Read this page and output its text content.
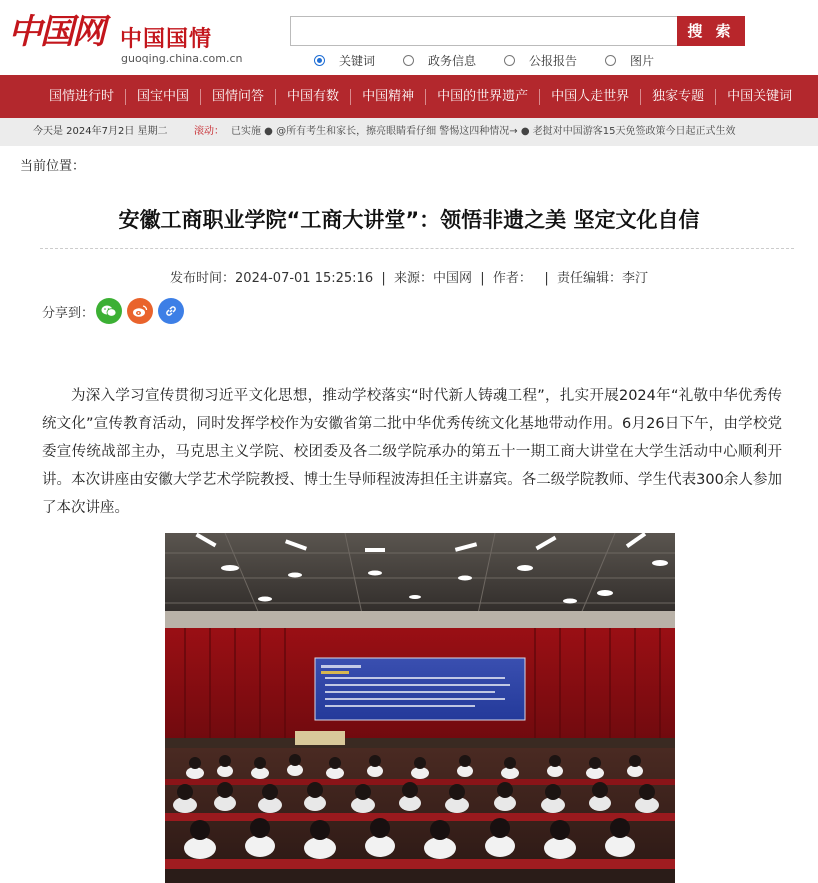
中国网 中国国情
guoqing.china.com.cn
搜 索
关键词	政务信息	公报报告	图片
国情进行时	国宝中国	国情问答	中国有数	中国精神	中国的世界遗产	中国人走世界	独家专题	中国关键词
今天是 2024年7月2日 星期二	滚动： 已实施 ● @所有考生和家长，擦亮眼睛看仔细 警惕这四种情况→ ● 老挝对中国游客15天免签政策今日起正式生效
当前位置：
安徽工商职业学院“工商大讲堂”：领悟非遗之美 坚定文化自信
发布时间：2024-07-01 15:25:16  |  来源：中国网  |  作者：   |  责任编辑：李汀
分享到：

为深入学习宣传贯彻习近平文化思想，推动学校落实“时代新人铸魂工程”，扎实开展2024年“礼敬中华优秀传统文化”宣传教育活动，同时发挥学校作为安徽省第二批中华优秀传统文化基地带动作用。6月26日下午，由学校党委宣传统战部主办，马克思主义学院、校团委及各二级学院承办的第五十一期工商大讲堂在大学生活动中心顺利开讲。本次讲座由安徽大学艺术学院教授、博士生导师程波涛担任主讲嘉宾。各二级学院教师、学生代表300余人参加了本次讲座。
